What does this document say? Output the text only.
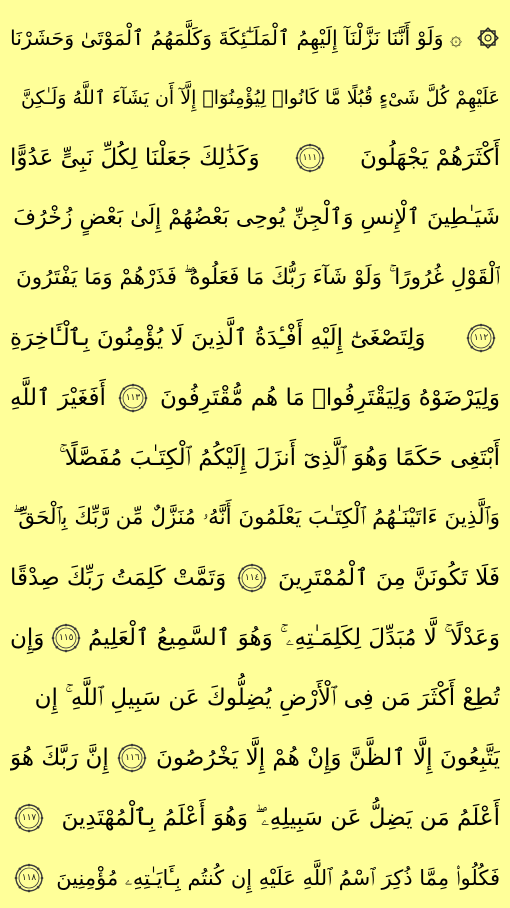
۞ وَلَوْ أَنَّنَا نَزَّلْنَآ إِلَيْهِمُ ٱلْمَلَـٰٓئِكَةَ وَكَلَّمَهُمُ ٱلْمَوْتَىٰ وَحَشَرْنَا
عَلَيْهِمْ كُلَّ شَىْءٍ قُبُلًا مَّا كَانُوا۟ لِيُؤْمِنُوٓا۟ إِلَّآ أَن يَشَآءَ ٱللَّهُ وَلَـٰكِنَّ
أَكْثَرَهُمْ يَجْهَلُونَ
١١١
وَكَذَٰلِكَ جَعَلْنَا لِكُلِّ نَبِىٍّ عَدُوًّا
شَيَـٰطِينَ ٱلْإِنسِ وَٱلْجِنِّ يُوحِى بَعْضُهُمْ إِلَىٰ بَعْضٍ زُخْرُفَ
ٱلْقَوْلِ غُرُورًا ۚ وَلَوْ شَآءَ رَبُّكَ مَا فَعَلُوهُ ۖ فَذَرْهُمْ وَمَا يَفْتَرُونَ
١١٢
وَلِتَصْغَىٰٓ إِلَيْهِ أَفْـِٔدَةُ ٱلَّذِينَ لَا يُؤْمِنُونَ بِٱلْـَٔاخِرَةِ
وَلِيَرْضَوْهُ وَلِيَقْتَرِفُوا۟ مَا هُم مُّقْتَرِفُونَ
١١٣
أَفَغَيْرَ ٱللَّهِ
أَبْتَغِى حَكَمًا وَهُوَ ٱلَّذِىٓ أَنزَلَ إِلَيْكُمُ ٱلْكِتَـٰبَ مُفَصَّلًا ۚ
وَٱلَّذِينَ ءَاتَيْنَـٰهُمُ ٱلْكِتَـٰبَ يَعْلَمُونَ أَنَّهُۥ مُنَزَّلٌ مِّن رَّبِّكَ بِٱلْحَقِّ ۖ
فَلَا تَكُونَنَّ مِنَ ٱلْمُمْتَرِينَ
١١٤
وَتَمَّتْ كَلِمَتُ رَبِّكَ صِدْقًا
وَعَدْلًا ۚ لَّا مُبَدِّلَ لِكَلِمَـٰتِهِۦ ۚ وَهُوَ ٱلسَّمِيعُ ٱلْعَلِيمُ
١١٥
وَإِن
تُطِعْ أَكْثَرَ مَن فِى ٱلْأَرْضِ يُضِلُّوكَ عَن سَبِيلِ ٱللَّهِ ۚ إِن
يَتَّبِعُونَ إِلَّا ٱلظَّنَّ وَإِنْ هُمْ إِلَّا يَخْرُصُونَ
١١٦
إِنَّ رَبَّكَ هُوَ
أَعْلَمُ مَن يَضِلُّ عَن سَبِيلِهِۦ ۖ وَهُوَ أَعْلَمُ بِٱلْمُهْتَدِينَ
١١٧
فَكُلُوا۟ مِمَّا ذُكِرَ ٱسْمُ ٱللَّهِ عَلَيْهِ إِن كُنتُم بِـَٔايَـٰتِهِۦ مُؤْمِنِينَ
١١٨
